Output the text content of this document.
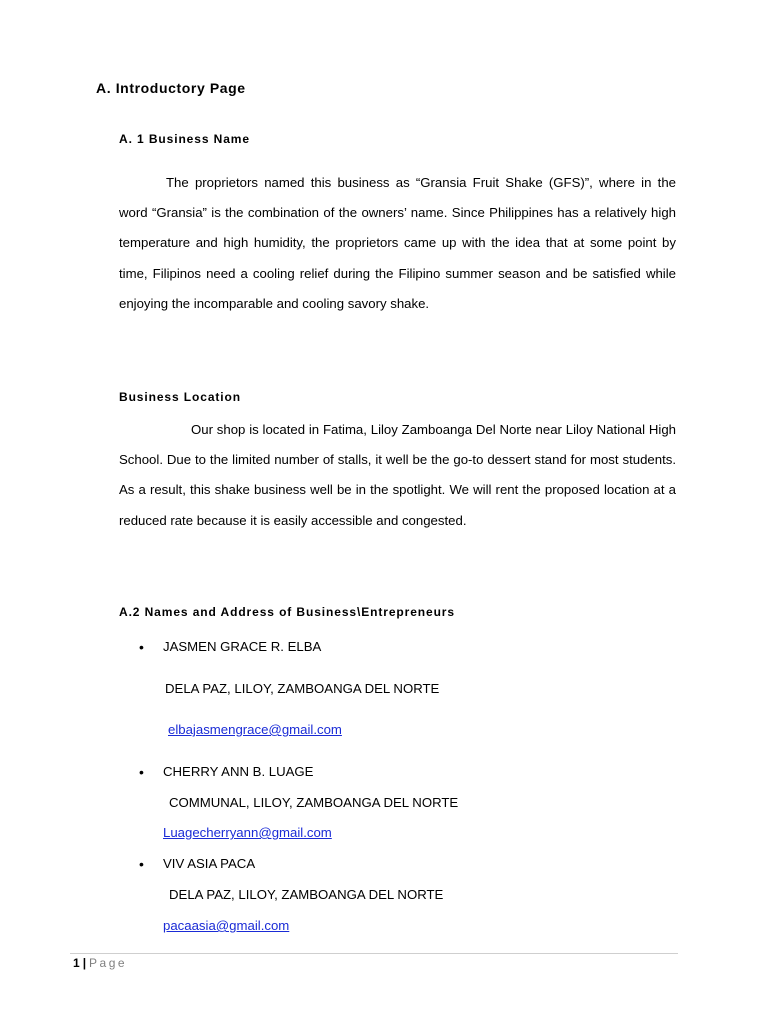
A. Introductory Page
A. 1 Business Name

The proprietors named this business as “Gransia Fruit Shake (GFS)”, where in the word “Gransia” is the combination of the owners’ name. Since Philippines has a relatively high temperature and high humidity, the proprietors came up with the idea that at some point by time, Filipinos need a cooling relief during the Filipino summer season and be satisfied while enjoying the incomparable and cooling savory shake.

Business Location

Our shop is located in Fatima, Liloy Zamboanga Del Norte near Liloy National High School. Due to the limited number of stalls, it well be the go-to dessert stand for most students. As a result, this shake business well be in the spotlight. We will rent the proposed location at a reduced rate because it is easily accessible and congested.

A.2 Names and Address of Business\Entrepreneurs
• JASMEN GRACE R. ELBA
DELA PAZ, LILOY, ZAMBOANGA DEL NORTE
elbajasmengrace@gmail.com
• CHERRY ANN B. LUAGE
COMMUNAL, LILOY, ZAMBOANGA DEL NORTE
Luagecherryann@gmail.com
• VIV ASIA PACA
DELA PAZ, LILOY, ZAMBOANGA DEL NORTE
pacaasia@gmail.com
1 | Page
